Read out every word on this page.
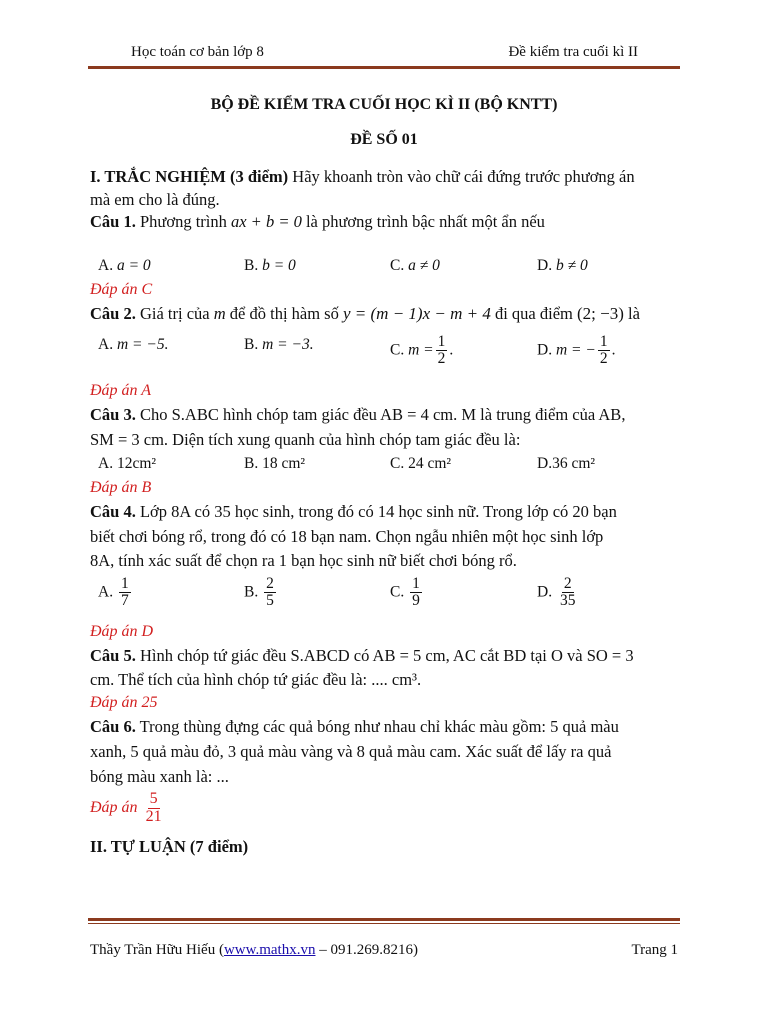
Học toán cơ bản lớp 8	Đề kiểm tra cuối kì II
BỘ ĐỀ KIỂM TRA CUỐI HỌC KÌ II (BỘ KNTT)
ĐỀ SỐ 01
I. TRẮC NGHIỆM (3 điểm) Hãy khoanh tròn vào chữ cái đứng trước phương án
mà em cho là đúng.
Câu 1. Phương trình ax + b = 0 là phương trình bậc nhất một ẩn nếu
A. a = 0	B. b = 0	C. a ≠ 0	D. b ≠ 0
Đáp án C
Câu 2. Giá trị của m để đồ thị hàm số y = (m − 1)x − m + 4 đi qua điểm (2; −3) là
A. m = −5.	B. m = −3.	C. $m = \frac{1}{2}$ .	D. m = − $\frac{1}{2}$ .
Đáp án A
Câu 3. Cho S.ABC hình chóp tam giác đều AB = 4 cm. M là trung điểm của AB,
SM = 3 cm. Diện tích xung quanh của hình chóp tam giác đều là:
A. 12cm²	B. 18 cm²	C. 24 cm²	D.36 cm²
Đáp án B
Câu 4. Lớp 8A có 35 học sinh, trong đó có 14 học sinh nữ. Trong lớp có 20 bạn
biết chơi bóng rổ, trong đó có 18 bạn nam. Chọn ngẫu nhiên một học sinh lớp
8A, tính xác suất để chọn ra 1 bạn học sinh nữ biết chơi bóng rổ.
A. $\frac{1}{7}$	B. $\frac{2}{5}$	C. $\frac{1}{9}$	D. $\frac{2}{35}$
Đáp án D
Câu 5. Hình chóp tứ giác đều S.ABCD có AB = 5 cm, AC cắt BD tại O và SO = 3
cm. Thể tích của hình chóp tứ giác đều là: .... cm³.
Đáp án 25
Câu 6. Trong thùng đựng các quả bóng như nhau chỉ khác màu gồm: 5 quả màu
xanh, 5 quả màu đỏ, 3 quả màu vàng và 8 quả màu cam. Xác suất để lấy ra quả
bóng màu xanh là: ...
Đáp án $\frac{5}{21}$
II. TỰ LUẬN (7 điểm)
Thầy Trần Hữu Hiếu (www.mathx.vn – 091.269.8216)	Trang 1
